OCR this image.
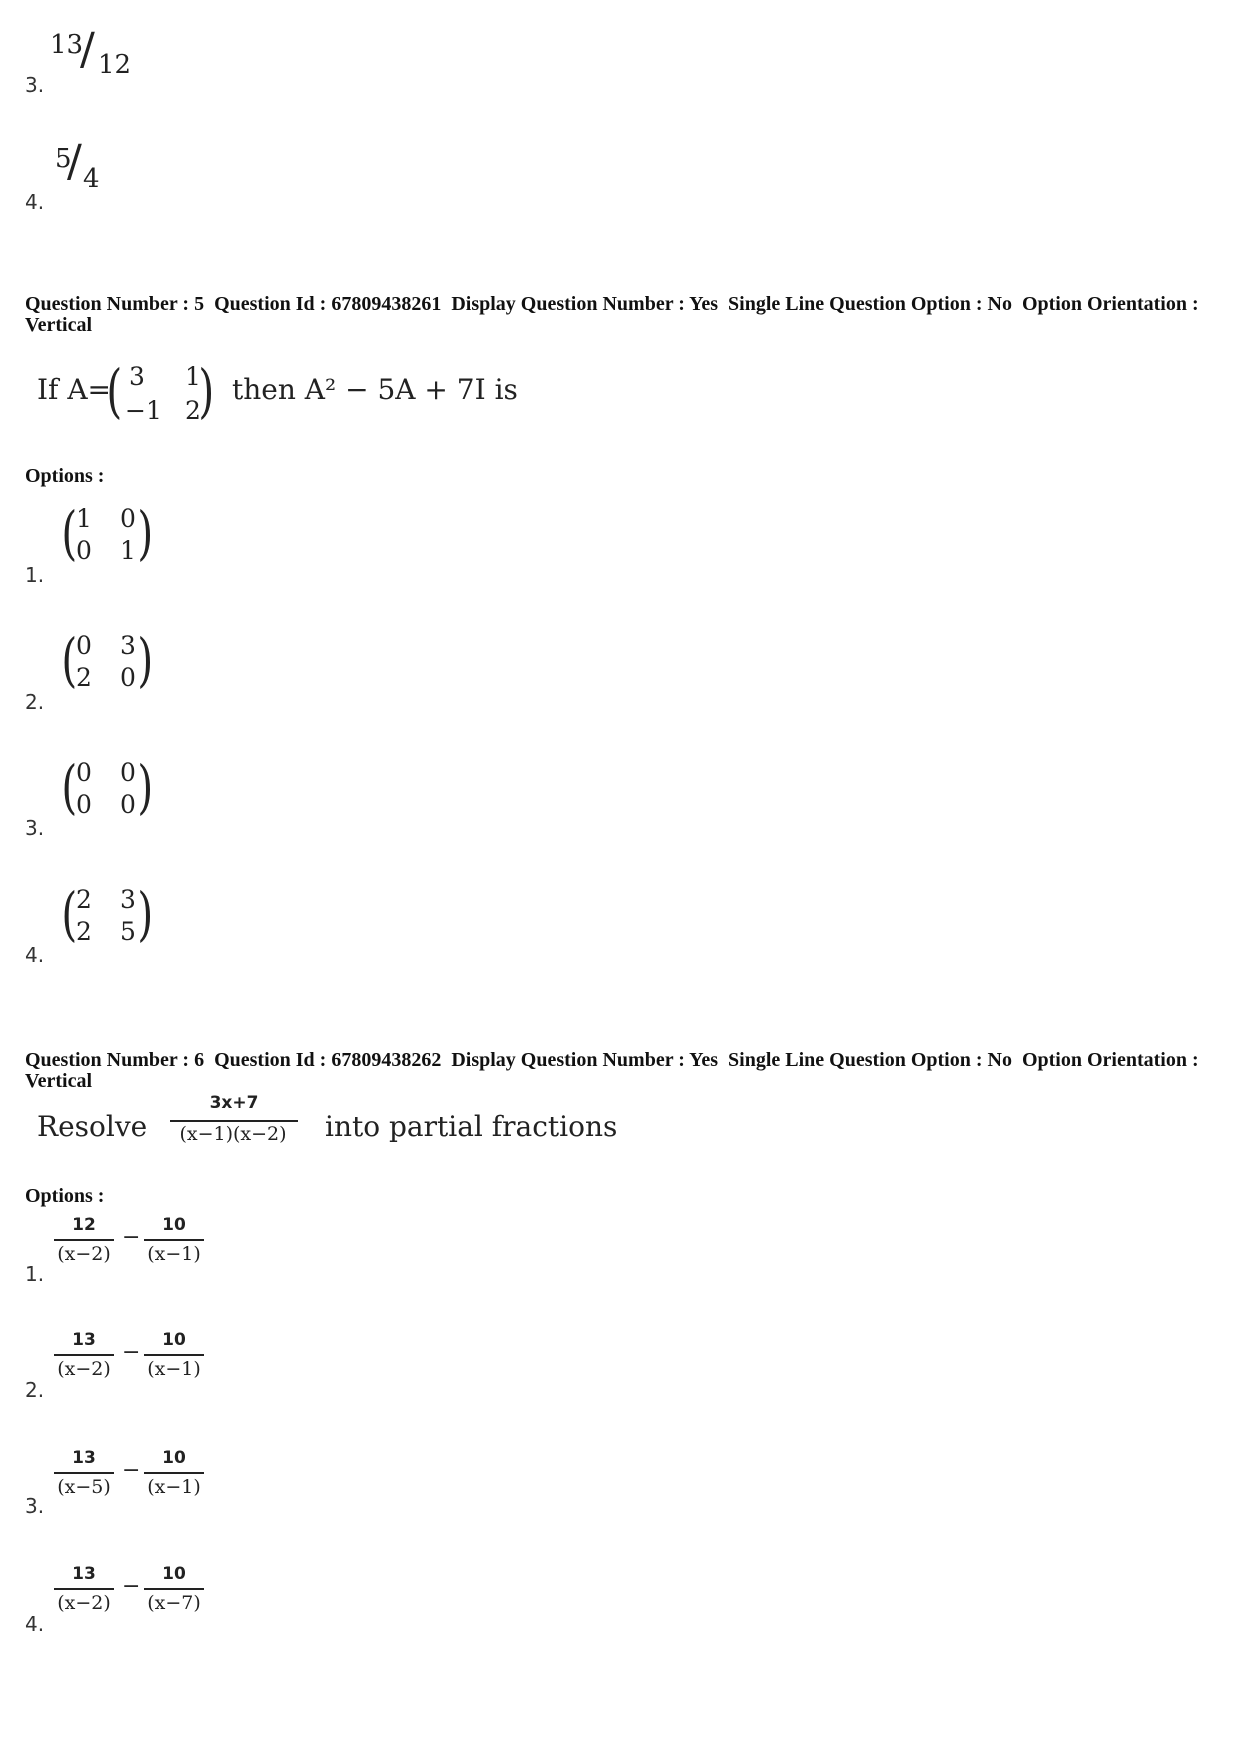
13
/ 12
3.
5
/ 4
4.
Question Number : 5  Question Id : 67809438261  Display Question Number : Yes  Single Line Question Option : No  Option Orientation : Vertical
If A=
( 3 1
−1 2
) then A² − 5A + 7I is
Options :
(
1 0
0 1 )
1.
(
0 3
2 0 )
2.
(
0 0
0 0 )
3.
(
2 3
2 5 )
4.
Question Number : 6  Question Id : 67809438262  Display Question Number : Yes  Single Line Question Option : No  Option Orientation : Vertical
Resolve
3x+7
(x−1)(x−2)	into partial fractions
Options :
12
(x−2)
−	10
(x−1)
1.
13
(x−2)
−	10
(x−1)
2.
13
(x−5)
−	10
(x−1)
3.
13
(x−2)
−	10
(x−7)
4.
